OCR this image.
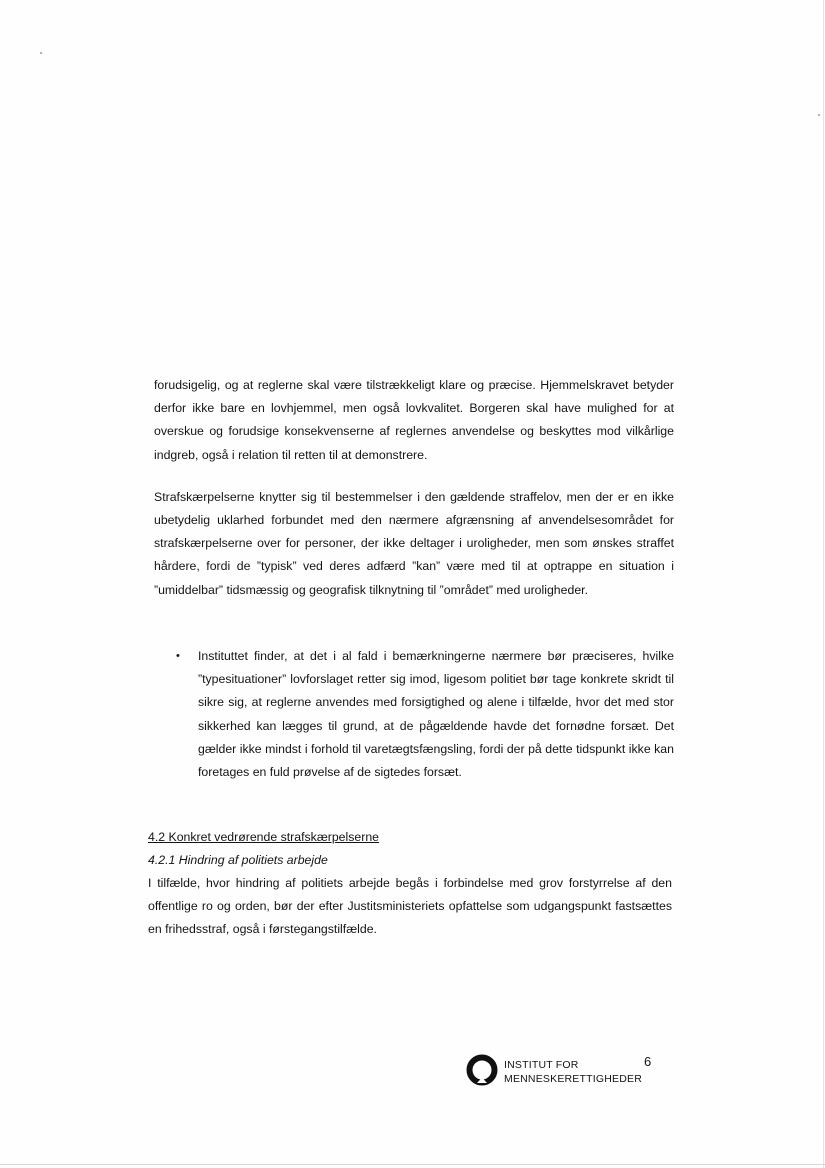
forudsigelig, og at reglerne skal være tilstrækkeligt klare og præcise. Hjemmelskravet betyder derfor ikke bare en lovhjemmel, men også lovkvalitet. Borgeren skal have mulighed for at overskue og forudsige konsekvenserne af reglernes anvendelse og beskyttes mod vilkårlige indgreb, også i relation til retten til at demonstrere.

Strafskærpelserne knytter sig til bestemmelser i den gældende straffelov, men der er en ikke ubetydelig uklarhed forbundet med den nærmere afgrænsning af anvendelsesområdet for strafskærpelserne over for personer, der ikke deltager i uroligheder, men som ønskes straffet hårdere, fordi de ”typisk” ved deres adfærd ”kan” være med til at optrappe en situation i ”umiddelbar” tidsmæssig og geografisk tilknytning til ”området” med uroligheder.

•	Instituttet finder, at det i al fald i bemærkningerne nærmere bør præciseres, hvilke ”typesituationer” lovforslaget retter sig imod, ligesom politiet bør tage konkrete skridt til sikre sig, at reglerne anvendes med forsigtighed og alene i tilfælde, hvor det med stor sikkerhed kan lægges til grund, at de pågældende havde det fornødne forsæt. Det gælder ikke mindst i forhold til varetægtsfængsling, fordi der på dette tidspunkt ikke kan foretages en fuld prøvelse af de sigtedes forsæt.

4.2 Konkret vedrørende strafskærpelserne

4.2.1 Hindring af politiets arbejde

I tilfælde, hvor hindring af politiets arbejde begås i forbindelse med grov forstyrrelse af den offentlige ro og orden, bør der efter Justitsministeriets opfattelse som udgangspunkt fastsættes en frihedsstraf, også i førstegangstilfælde.

INSTITUT FOR
MENNESKERETTIGHEDER
6
